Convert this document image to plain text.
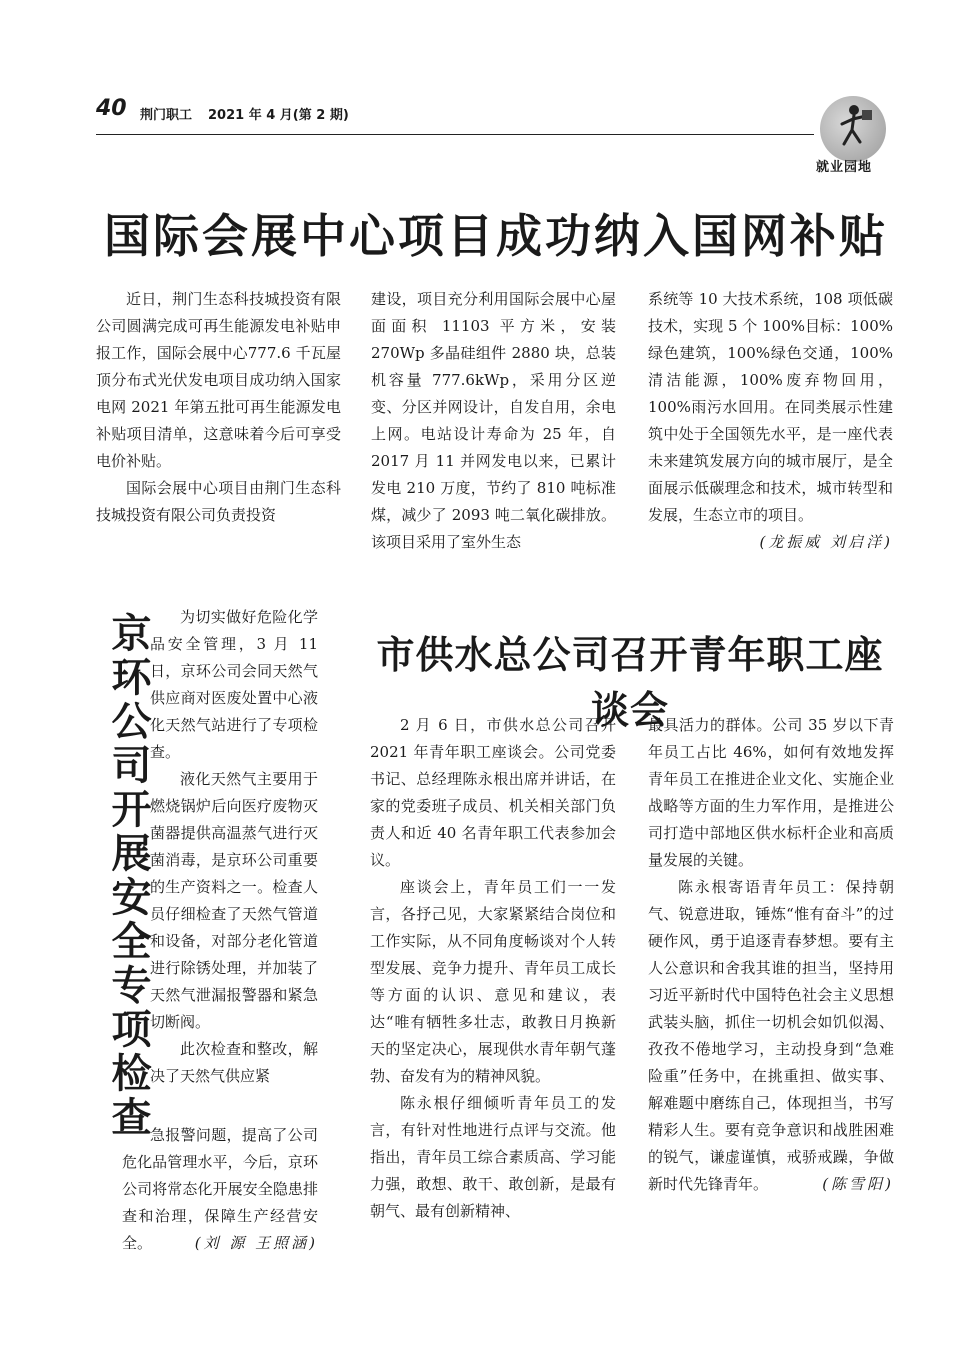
40 荆门职工 2021 年 4 月(第 2 期)
就业园地
国际会展中心项目成功纳入国网补贴

近日，荆门生态科技城投资有限公司圆满完成可再生能源发电补贴申报工作，国际会展中心777.6 千瓦屋顶分布式光伏发电项目成功纳入国家电网 2021 年第五批可再生能源发电补贴项目清单，这意味着今后可享受电价补贴。

国际会展中心项目由荆门生态科技城投资有限公司负责投资

建设，项目充分利用国际会展中心屋面面积 11103 平方米，安装 270Wp 多晶硅组件 2880 块，总装机容量 777.6kWp，采用分区逆变、分区并网设计，自发自用，余电上网。电站设计寿命为 25 年，自 2017 月 11 并网发电以来，已累计发电 210 万度，节约了 810 吨标准煤，减少了 2093 吨二氧化碳排放。该项目采用了室外生态

系统等 10 大技术系统，108 项低碳技术，实现 5 个 100%目标：100%绿色建筑，100%绿色交通，100%清洁能源，100%废弃物回用，100%雨污水回用。在同类展示性建筑中处于全国领先水平，是一座代表未来建筑发展方向的城市展厅，是全面展示低碳理念和技术，城市转型和发展，生态立市的项目。
(龙振威 刘启洋)

京环公司开展安全专项检查	为切实做好危险化学品安全管理，3 月 11 日，京环公司会同天然气供应商对医废处置中心液化天然气站进行了专项检查。

液化天然气主要用于燃烧锅炉后向医疗废物灭菌器提供高温蒸气进行灭菌消毒，是京环公司重要的生产资料之一。检查人员仔细检查了天然气管道和设备，对部分老化管道进行除锈处理，并加装了天然气泄漏报警器和紧急切断阀。

此次检查和整改，解决了天然气供应紧

急报警问题，提高了公司危化品管理水平，今后，京环公司将常态化开展安全隐患排查和治理，保障生产经营安全。	(刘 源 王照涵)

市供水总公司召开青年职工座谈会

2 月 6 日，市供水总公司召开 2021 年青年职工座谈会。公司党委书记、总经理陈永根出席并讲话，在家的党委班子成员、机关相关部门负责人和近 40 名青年职工代表参加会议。

座谈会上，青年员工们一一发言，各抒己见，大家紧紧结合岗位和工作实际，从不同角度畅谈对个人转型发展、竞争力提升、青年员工成长等方面的认识、意见和建议，表达“唯有牺牲多壮志，敢教日月换新天的坚定决心，展现供水青年朝气蓬勃、奋发有为的精神风貌。

陈永根仔细倾听青年员工的发言，有针对性地进行点评与交流。他指出，青年员工综合素质高、学习能力强，敢想、敢干、敢创新，是最有朝气、最有创新精神、

最具活力的群体。公司 35 岁以下青年员工占比 46%，如何有效地发挥青年员工在推进企业文化、实施企业战略等方面的生力军作用，是推进公司打造中部地区供水标杆企业和高质量发展的关键。

陈永根寄语青年员工：保持朝气、锐意进取，锤炼“惟有奋斗”的过硬作风，勇于追逐青春梦想。要有主人公意识和舍我其谁的担当，坚持用习近平新时代中国特色社会主义思想武装头脑，抓住一切机会如饥似渴、孜孜不倦地学习，主动投身到“急难险重”任务中，在挑重担、做实事、解难题中磨练自己，体现担当，书写精彩人生。要有竞争意识和战胜困难的锐气，谦虚谨慎，戒骄戒躁，争做新时代先锋青年。	(陈雪阳)
